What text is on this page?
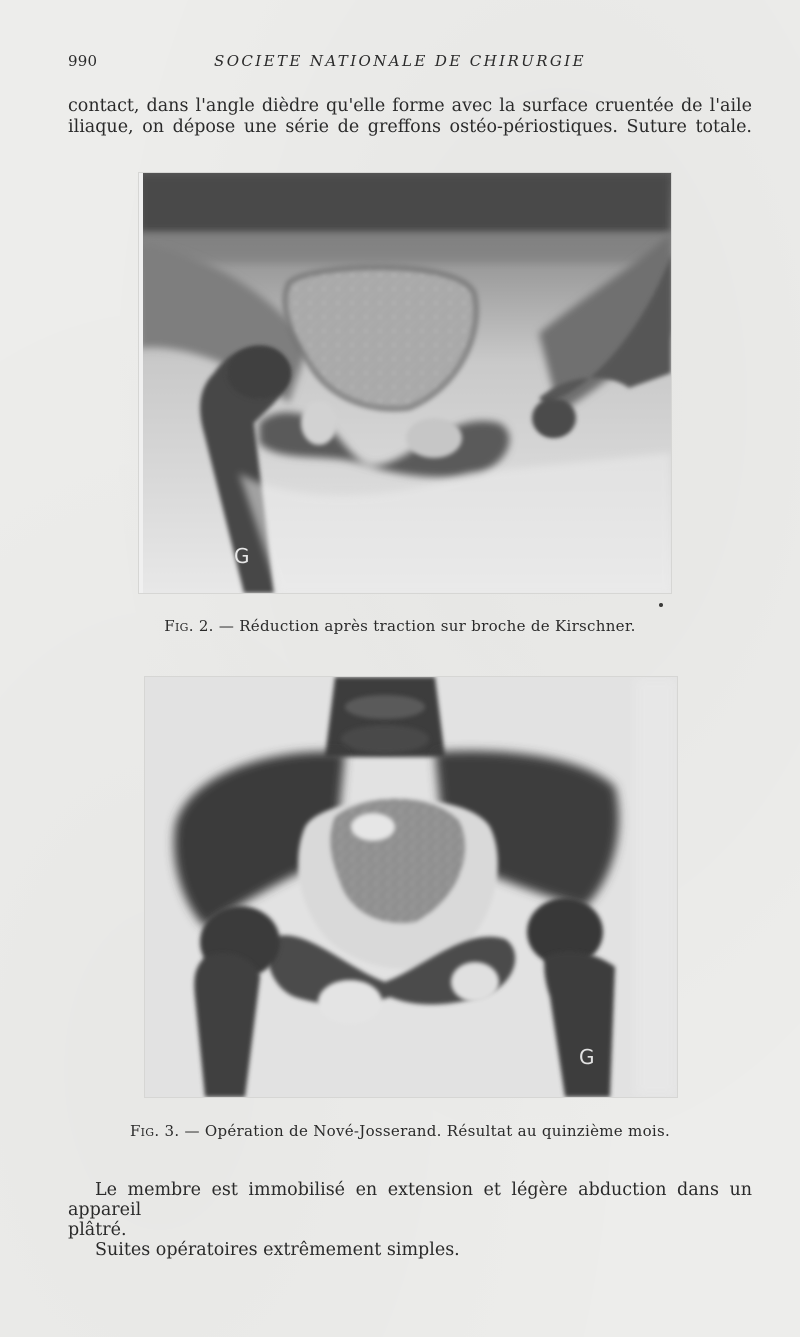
990	SOCIETE NATIONALE DE CHIRURGIE

contact, dans l'angle dièdre qu'elle forme avec la surface cruentée de l'aile iliaque, on dépose une série de greffons ostéo-périostiques. Suture totale.

G
Fig. 2. — Réduction après traction sur broche de Kirschner.
G
Fig. 3. — Opération de Nové-Josserand. Résultat au quinzième mois.
Le membre est immobilisé en extension et légère abduction dans un appareil
plâtré.
Suites opératoires extrêmement simples.
